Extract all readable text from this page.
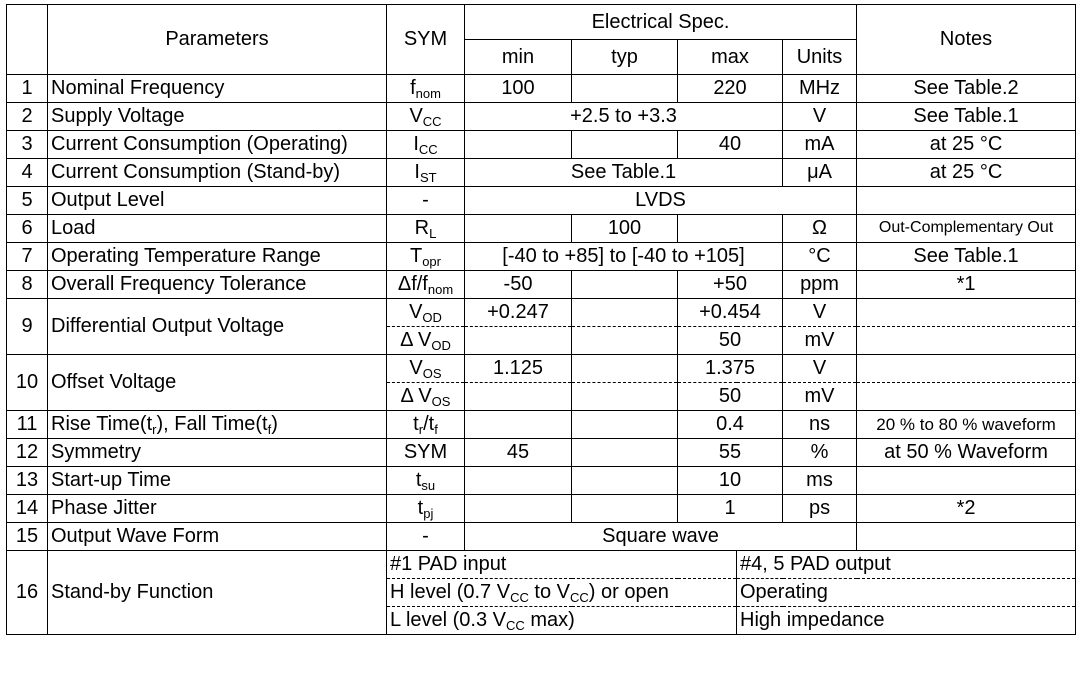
	Parameters	SYM	Electrical Spec.					Notes
			min	typ	max		Units	
1	Nominal Frequency	$f_{nom}$	100		220		MHz	See Table.2
2	Supply Voltage	$V_{CC}$	+2.5 to +3.3				V	See Table.1
3	Current Consumption (Operating)	$I_{CC}$			40		mA	at 25 °C
4	Current Consumption (Stand-by)	$I_{ST}$	See Table.1				μA	at 25 °C
5	Output Level	-	LVDS					
6	Load	$R_L$		100			Ω	Out-Complementary Out
7	Operating Temperature Range	$T_{opr}$	[-40 to +85] to [-40 to +105]				°C	See Table.1
8	Overall Frequency Tolerance	$\Delta f/f_{nom}$	-50		+50		ppm	*1
9	Differential Output Voltage	$V_{OD}$	+0.247		+0.454		V	
		Δ $V_{OD}$			50		mV	
10	Offset Voltage	$V_{OS}$	1.125		1.375		V	
		Δ $V_{OS}$			50		mV	
11	Rise $Time(t_r)$, Fall $Time(t_f)$	$t_r/t_f$			0.4		ns	20 % to 80 % waveform
12	Symmetry	SYM	45		55		%	at 50 % Waveform
13	Start-up Time	$t_{su}$			10		ms	
14	Phase Jitter	$t_{pj}$			1		ps	*2
15	Output Wave Form	-	Square wave					
16	Stand-by Function	#1 PAD input				#4, 5 PAD output		
		H level (0.7 $V_{CC}$ to $V_{CC}$) or open				Operating		
		L level (0.3 $V_{CC}$ max)				High impedance		
